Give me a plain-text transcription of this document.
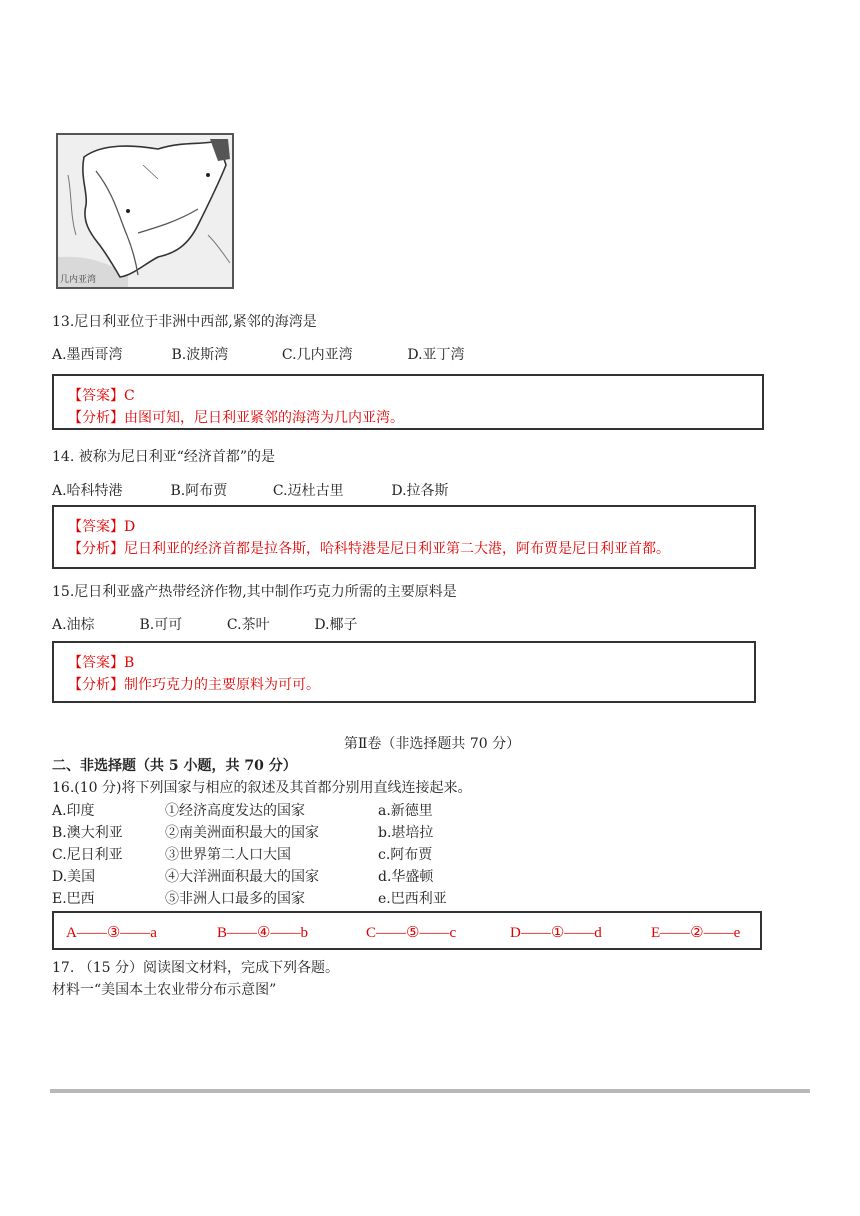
几内亚湾
13.尼日利亚位于非洲中西部,紧邻的海湾是
A.墨西哥湾	B.波斯湾	C.几内亚湾	D.亚丁湾
【答案】C
【分析】由图可知，尼日利亚紧邻的海湾为几内亚湾。
14. 被称为尼日利亚“经济首都”的是
A.哈科特港	B.阿布贾	C.迈杜古里	D.拉各斯
【答案】D
【分析】尼日利亚的经济首都是拉各斯，哈科特港是尼日利亚第二大港，阿布贾是尼日利亚首都。
15.尼日利亚盛产热带经济作物,其中制作巧克力所需的主要原料是
A.油棕	B.可可	C.茶叶	D.椰子
【答案】B
【分析】制作巧克力的主要原料为可可。
第Ⅱ卷（非选择题共 70 分）
二、非选择题（共 5 小题，共 70 分）
16.(10 分)将下列国家与相应的叙述及其首都分别用直线连接起来。
A.印度	①经济高度发达的国家	a.新德里
B.澳大利亚	②南美洲面积最大的国家	b.堪培拉
C.尼日利亚	③世界第二人口大国	c.阿布贾
D.美国	④大洋洲面积最大的国家	d.华盛顿
E.巴西	⑤非洲人口最多的国家	e.巴西利亚
A——③——a	B——④——b	C——⑤——c	D——①——d	E——②——e
17. （15 分）阅读图文材料，完成下列各题。
材料一“美国本土农业带分布示意图”
